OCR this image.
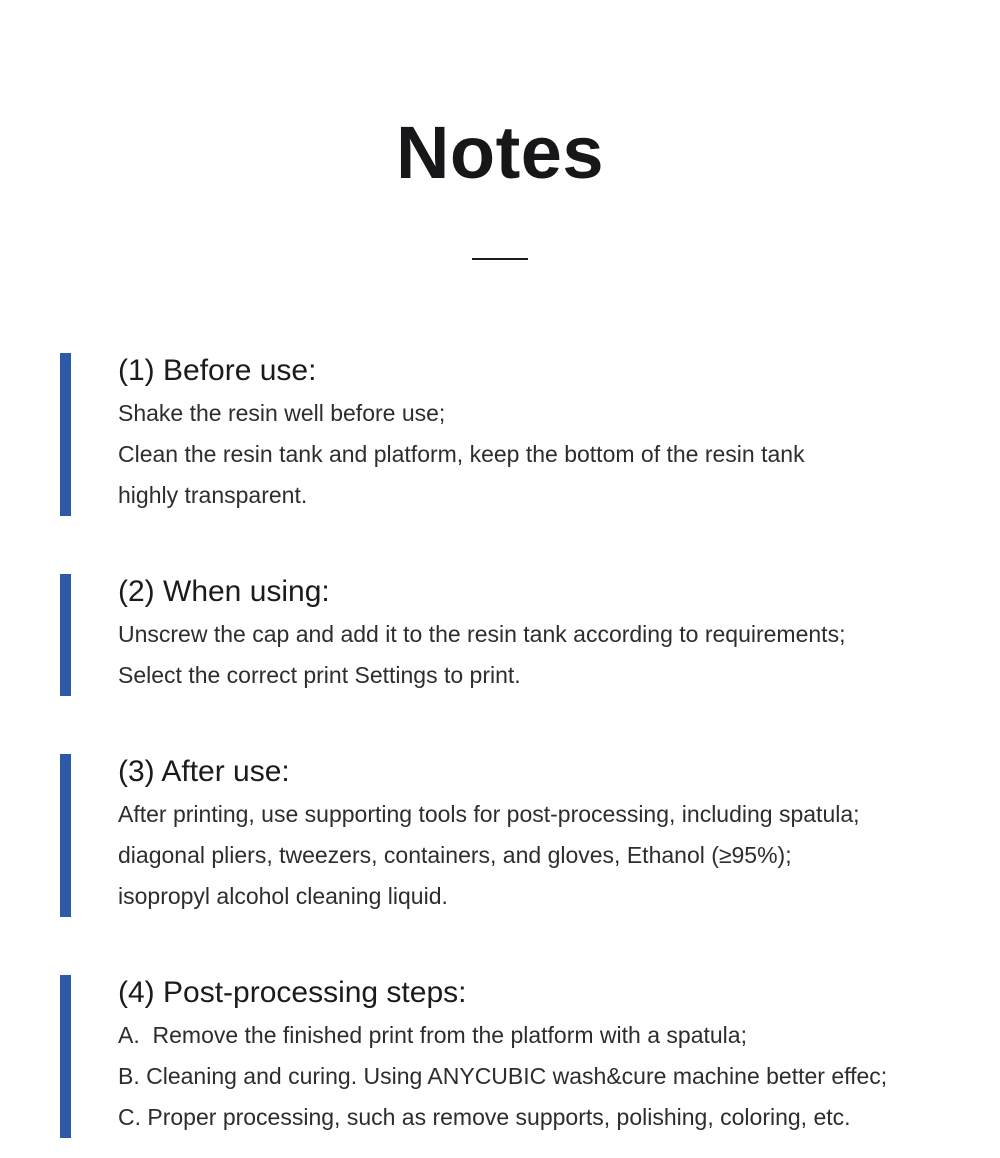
Notes
(1) Before use:
Shake the resin well before use;
Clean the resin tank and platform, keep the bottom of the resin tank
highly transparent.
(2) When using:
Unscrew the cap and add it to the resin tank according to requirements;
Select the correct print Settings to print.
(3) After use:
After printing, use supporting tools for post-processing, including spatula;
diagonal pliers, tweezers, containers, and gloves, Ethanol (≥95%);
isopropyl alcohol cleaning liquid.
(4) Post-processing steps:
A.  Remove the finished print from the platform with a spatula;
B. Cleaning and curing. Using ANYCUBIC wash&cure machine better effec;
C. Proper processing, such as remove supports, polishing, coloring, etc.
